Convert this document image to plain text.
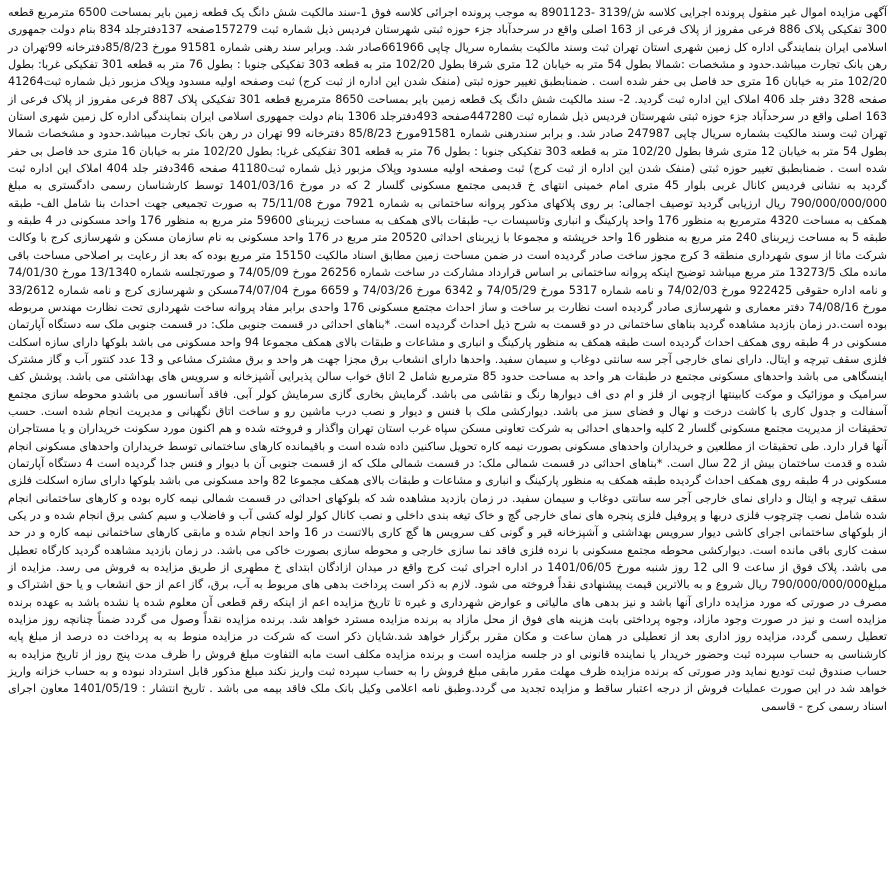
آگهی مزایده اموال غیر منقول پرونده اجرایی کلاسه ش/3139 -8901123 به موجب پرونده اجرائی کلاسه فوق 1-سند مالکیت شش دانگ یک قطعه زمین بایر بمساحت 6500 مترمربع قطعه 300 تفکیکی پلاک 886 فرعی مفروز از پلاک فرعی از 163 اصلی واقع در سرحدآباد جزء حوزه ثبتی شهرستان فردیس ذیل شماره ثبت 157279صفحه 137دفترجلد 834 بنام دولت جمهوری اسلامی ایران بنمایندگی اداره کل زمین شهری استان تهران ثبت وسند مالکیت بشماره سریال چاپی 661966صادر شد. وبرابر سند رهنی شماره 91581 مورخ 85/8/23دفترخانه 99تهران در رهن بانک تجارت میباشد.حدود و مشخصات :شمالا بطول 54 متر به خیابان 12 متری شرقا بطول 102/20 متر به قطعه 303 تفکیکی جنوبا : بطول 76 متر به قطعه 301 تفکیکی غربا: بطول 102/20 متر به خیابان 16 متری حد فاصل بی حفر شده است . ضمنابطبق تغییر حوزه ثبتی (منفک شدن این اداره از ثبت کرج) ثبت وصفحه اولیه مسدود وپلاک مزبور ذیل شماره ثبت41264 صفحه 328 دفتر جلد 406 املاک این اداره ثبت گردید. 2- سند مالکیت شش دانگ یک قطعه زمین بایر بمساحت 8650 مترمربع قطعه 301 تفکیکی پلاک 887 فرعی مفروز از پلاک فرعی از 163 اصلی واقع در سرحدآباد جزء حوزه ثبتی شهرستان فردیس ذیل شماره ثبت 447280صفحه 493دفترجلد 1306 بنام دولت جمهوری اسلامی ایران بنمایندگی اداره کل زمین شهری استان تهران ثبت وسند مالکیت بشماره سریال چاپی 247987 صادر شد. و برابر سندرهنی شماره 91581مورخ 85/8/23 دفترخانه 99 تهران در رهن بانک تجارت میباشد.حدود و مشخصات شمالا بطول 54 متر به خیابان 12 متری شرقا بطول 102/20 متر به قطعه 303 تفکیکی جنوبا : بطول 76 متر به قطعه 301 تفکیکی غربا: بطول 102/20 متر به خیابان 16 متری حد فاصل بی حفر شده است . ضمنابطبق تغییر حوزه ثبتی (منفک شدن این اداره از ثبت کرج) ثبت وصفحه اولیه مسدود وپلاک مزبور ذیل شماره ثبت41180 صفحه 346دفتر جلد 404 املاک این اداره ثبت گردید به نشانی فردیس کانال غربی بلوار 45 متری امام خمینی انتهای خ قدیمی مجتمع مسکونی گلسار 2 که در مورخ 1401/03/16 توسط کارشناسان رسمی دادگستری به مبلغ 790/000/000/000 ریال ارزیابی گردید توصیف اجمالی: بر روی پلاکهای مذکور پروانه ساختمانی به شماره 7921 مورخ 75/11/08 به صورت تجمیعی جهت احداث بنا شامل الف- طبقه همکف به مساحت 4320 مترمربع به منظور 176 واحد پارکینگ و انباری وتاسیسات ب- طبقات بالای همکف به مساحت زیربنای 59600 متر مربع به منظور 176 واحد مسکونی در 4 طبقه و طبقه 5 به مساحت زیربنای 240 متر مربع به منظور 16 واحد خرپشته و مجموعا با زیربنای احداثی 20520 متر مربع در 176 واحد مسکونی به نام سازمان مسکن و شهرسازی کرج با وکالت شرکت ماتا از سوی شهرداری منطقه 3 کرج مجوز ساخت صادر گردیده است در ضمن مساحت زمین مطابق اسناد مالکیت 15150 متر مربع بوده که بعد از رعایت بر اصلاحی مساحت باقی مانده ملک 13273/5 متر مربع میباشد توضیح اینکه پروانه ساختمانی بر اساس قرارداد مشارکت در ساخت شماره 26256 مورخ 74/05/09 و صورتجلسه شماره 13/1340 مورخ 74/01/30 و نامه اداره حقوقی 922425 مورخ 74/02/03 و نامه شماره 5317 مورخ 74/05/29 و 6342 مورخ 74/03/26 و 6659 مورخ 74/07/04مسکن و شهرسازی کرج و نامه شماره 33/2612 مورخ 74/08/16 دفتر معماری و شهرسازی صادر گردیده است نظارت بر ساخت و ساز احداث مجتمع مسکونی 176 واحدی برابر مفاد پروانه ساخت شهرداری تحت نظارت مهندس مربوطه بوده است.در زمان بازدید مشاهده گردید بناهای ساختمانی در دو قسمت به شرح ذیل احداث گردیده است. *بناهای احداثی در قسمت جنوبی ملک: در قسمت جنوبی ملک سه دستگاه آپارتمان مسکونی در 4 طبقه روی همکف احداث گردیده است طبقه همکف به منظور پارکینگ و انباری و مشاعات و طبقات بالای همکف مجموعا 94 واحد مسکونی می باشد بلوکها دارای سازه اسکلت فلزی سقف تیرچه و ایتال. دارای نمای خارجی آجر سه سانتی دوغاب و سیمان سفید. واحدها دارای انشعاب برق مجزا جهت هر واحد و برق مشترک مشاعی و 13 عدد کنتور آب و گاز مشترک اینسگاهی می باشد واحدهای مسکونی مجتمع در طبقات هر واحد به مساحت حدود 85 مترمربع شامل 2 اتاق خواب سالن پذیرایی آشپزخانه و سرویس های بهداشتی می باشد. پوشش کف سرامیک و موزائیک و موکت کابینتها ازچوبی از فلز و ام دی اف دیوارها رنگ و نقاشی می باشد. گرمایش بخاری گازی سرمایش کولر آبی. فاقد آسانسور می باشدو محوطه سازی مجتمع آسفالت و جدول کاری با کاشت درخت و نهال و فضای سبز می باشد. دیوارکشی ملک با فنس و دیوار و نصب درب ماشین رو و ساخت اتاق نگهبانی و مدیریت انجام شده است. حسب تحقیقات از مدیریت مجتمع مسکونی گلسار 2 کلیه واحدهای احداثی به شرکت تعاونی مسکن سپاه غرب استان تهران واگذار و فروخته شده و هم اکنون مورد سکونت خریداران و یا مستاجران آنها قرار دارد. طی تحقیقات از مطلعین و خریداران واحدهای مسکونی بصورت نیمه کاره تحویل ساکنین داده شده است و باقیمانده کارهای ساختمانی توسط خریداران واحدهای مسکونی انجام شده و قدمت ساختمان بیش از 22 سال است. *بناهای احداثی در قسمت شمالی ملک: در قسمت شمالی ملک که از قسمت جنوبی آن با دیوار و فنس جدا گردیده است 4 دستگاه آپارتمان مسکونی در 4 طبقه روی همکف احداث گردیده طبقه همکف به منظور پارکینگ و انباری و مشاعات و طبقات بالای همکف مجموعا 82 واحد مسکونی می باشد بلوکها دارای سازه اسکلت فلزی سقف تیرچه و ایتال و دارای نمای خارجی آجر سه سانتی دوغاب و سیمان سفید. در زمان بازدید مشاهده شد که بلوکهای احداثی در قسمت شمالی نیمه کاره بوده و کارهای ساختمانی انجام شده شامل نصب چترچوب فلزی دربها و پروفیل فلزی پنجره های نمای خارجی گچ و خاک تیغه بندی داخلی و نصب کانال کولر لوله کشی آب و فاضلاب و سیم کشی برق انجام شده و در یکی از بلوکهای ساختمانی اجرای کاشی دیوار سرویس بهداشتی و آشپزخانه قیر و گونی کف سرویس ها گچ کاری بالاتست در 16 واحد انجام شده و مابقی کارهای ساختمانی نیمه کاره و در حد سفت کاری باقی مانده است. دیوارکشی محوطه مجتمع مسکونی با نرده فلزی فاقد نما سازی خارجی و محوطه سازی بصورت خاکی می باشد. در زمان بازدید مشاهده گردید کارگاه تعطیل می باشد. پلاک فوق از ساعت 9 الی 12 روز شنبه مورخ 1401/06/05 در اداره اجرای ثبت کرج واقع در میدان ازادگان ابتدای خ مطهری از طریق مزایده به فروش می رسد. مزایده از مبلغ790/000/000/000 ریال شروع و به بالاترین قیمت پیشنهادی نقداً فروخته می شود. لازم به ذکر است پرداخت بدهی های مربوط به آب، برق، گاز اعم از حق انشعاب و یا حق اشتراک و مصرف در صورتی که مورد مزایده دارای آنها باشد و نیز بدهی های مالیاتی و عوارض شهرداری و غیره تا تاریخ مزایده اعم از اینکه رقم قطعی آن معلوم شده یا نشده باشد به عهده برنده مزایده است و نیز در صورت وجود مازاد، وجوه پرداختی بابت هزینه های فوق از محل مازاد به برنده مزایده مسترد خواهد شد. برنده مزایده نقداً وصول می گردد ضمناً چنانچه روز مزایده تعطیل رسمی گردد، مزایده روز اداری بعد از تعطیلی در همان ساعت و مکان مقرر برگزار خواهد شد.شایان ذکر است که شرکت در مزایده منوط به به پرداخت ده درصد از مبلغ پایه کارشناسی به حساب سپرده ثبت وحضور خریدار یا نماینده قانونی او در جلسه مزایده است و برنده مزایده مکلف است مابه التفاوت مبلغ فروش را ظرف مدت پنج روز از تاریخ مزایده به حساب صندوق ثبت تودیع نماید ودر صورتی که برنده مزایده ظرف مهلت مقرر مابقی مبلغ فروش را به حساب سپرده ثبت واریز نکند مبلغ مذکور قابل استرداد نبوده و به حساب خزانه واریز خواهد شد در این صورت عملیات فروش از درجه اعتبار ساقط و مزایده تجدید می گردد.وطبق نامه اعلامی وکیل بانک ملک فاقد بیمه می باشد . تاریخ انتشار : 1401/05/19 معاون اجرای اسناد رسمی کرج - قاسمی
